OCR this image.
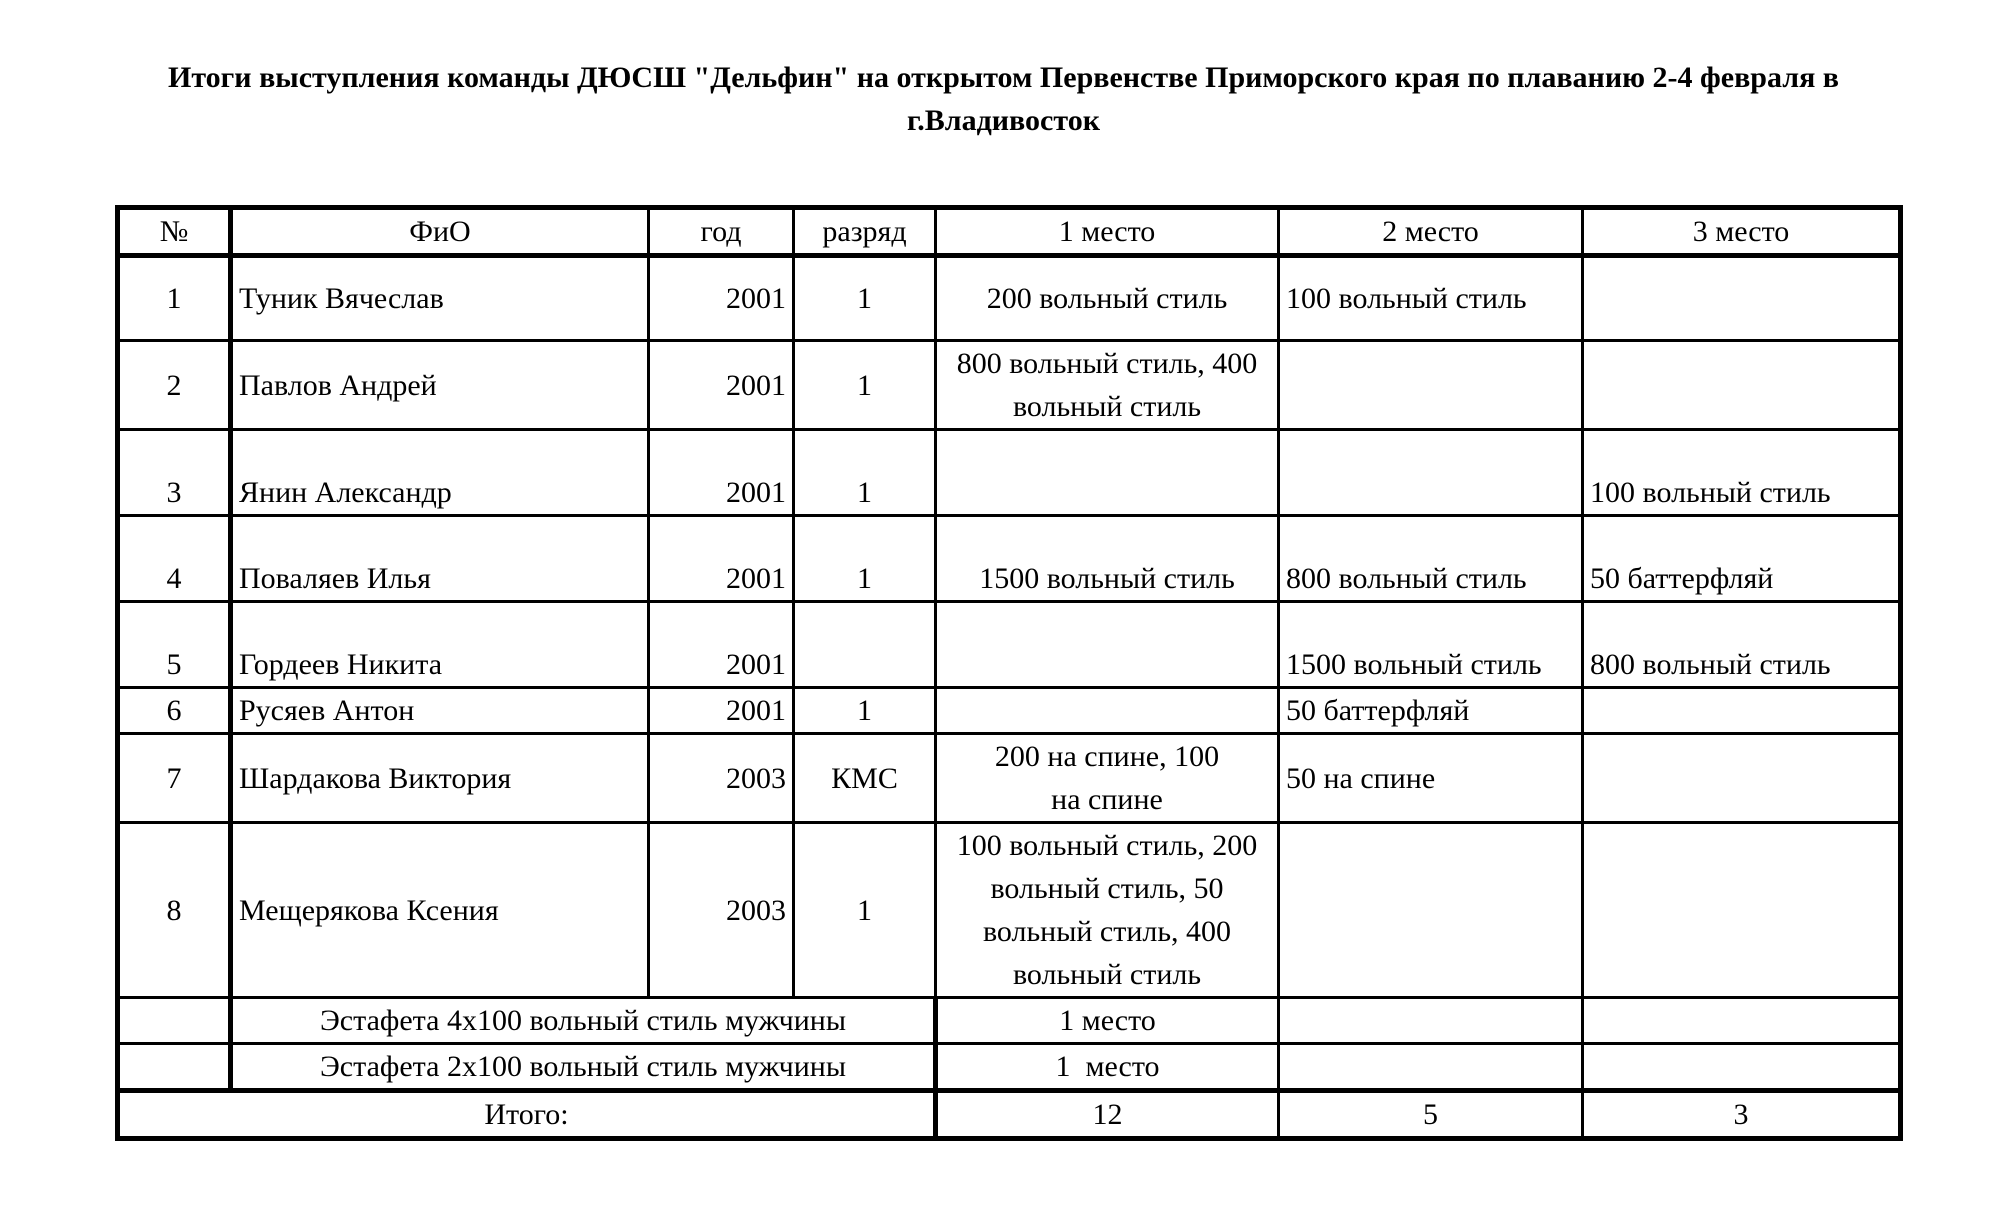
Итоги выступления команды ДЮСШ "Дельфин" на открытом Первенстве Приморского края по плаванию 2-4 февраля в г.Владивосток
№	ФиО	год	разряд	1 место	2 место	3 место
1	Туник Вячеслав	2001	1	200 вольный стиль	100 вольный стиль	
2	Павлов Андрей	2001	1	800 вольный стиль, 400 вольный стиль		
3	Янин Александр	2001	1			100 вольный стиль
4	Поваляев Илья	2001	1	1500 вольный стиль	800 вольный стиль	50 баттерфляй
5	Гордеев Никита	2001			1500 вольный стиль	800 вольный стиль
6	Русяев Антон	2001	1		50 баттерфляй	
7	Шардакова Виктория	2003	КМС	200 на спине, 100 на спине	50 на спине	
8	Мещерякова Ксения	2003	1	100 вольный стиль, 200 вольный стиль, 50 вольный стиль, 400 вольный стиль		
	Эстафета 4х100 вольный стиль мужчины			1 место		
	Эстафета 2х100 вольный стиль мужчины			1  место		
Итого:				12	5	3
